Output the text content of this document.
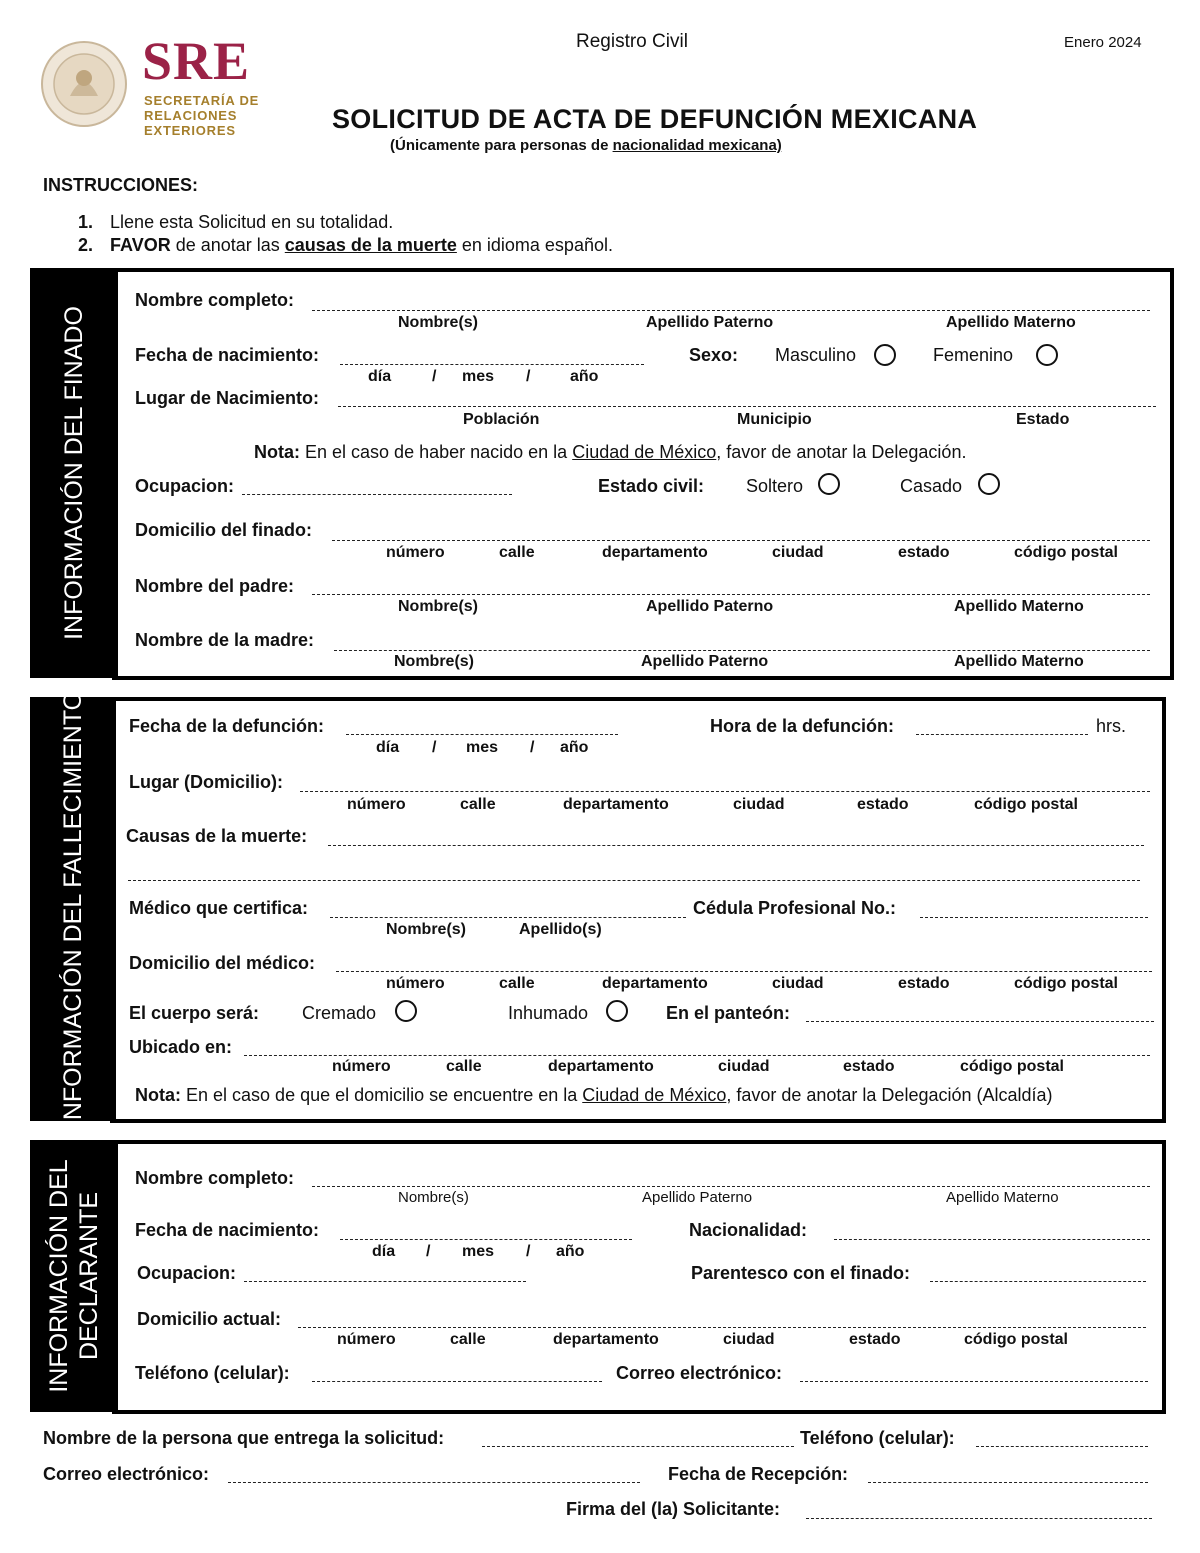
SRE
SECRETARÍA DE
RELACIONES
EXTERIORES
Registro Civil	Enero 2024
SOLICITUD DE ACTA DE DEFUNCIÓN MEXICANA
(Únicamente para personas de nacionalidad mexicana)
INSTRUCCIONES:
1. Llene esta Solicitud en su totalidad.
2. FAVOR de anotar las causas de la muerte en idioma español.
INFORMACIÓN DEL FINADO
Nombre completo:
Nombre(s)	Apellido Paterno	Apellido Materno
Fecha de nacimiento:
día	/ mes / año
Sexo: Masculino	Femenino
Lugar de Nacimiento:
Población	Municipio	Estado
Nota: En el caso de haber nacido en la Ciudad de México, favor de anotar la Delegación.
Ocupacion:	Estado civil: Soltero	Casado
Domicilio del finado:
número	calle	departamento	ciudad	estado	código postal
Nombre del padre:
Nombre(s)	Apellido Paterno	Apellido Materno
Nombre de la madre:
Nombre(s)	Apellido Paterno	Apellido Materno
INFORMACIÓN DEL FALLECIMIENTO Fecha de la defunción:
día / mes / año
Hora de la defunción:	hrs.
Lugar (Domicilio):
número	calle	departamento	ciudad	estado	código postal
Causas de la muerte:
Médico que certifica:	Cédula Profesional No.:
Nombre(s)	Apellido(s)
Domicilio del médico:
número	calle	departamento	ciudad	estado	código postal
El cuerpo será: Cremado	Inhumado	En el panteón:
Ubicado en:
número	calle	departamento	ciudad	estado	código postal
Nota: En el caso de que el domicilio se encuentre en la Ciudad de México, favor de anotar la Delegación (Alcaldía)
INFORMACIÓN DEL DECLARANTE
Nombre completo:
Nombre(s)	Apellido Paterno	Apellido Materno
Fecha de nacimiento:
día / mes / año
Nacionalidad:
Ocupacion:	Parentesco con el finado:
Domicilio actual:
número	calle	departamento	ciudad	estado	código postal
Teléfono (celular):	Correo electrónico:
Nombre de la persona que entrega la solicitud:	Teléfono (celular):
Correo electrónico:	Fecha de Recepción:
Firma del (la) Solicitante:
